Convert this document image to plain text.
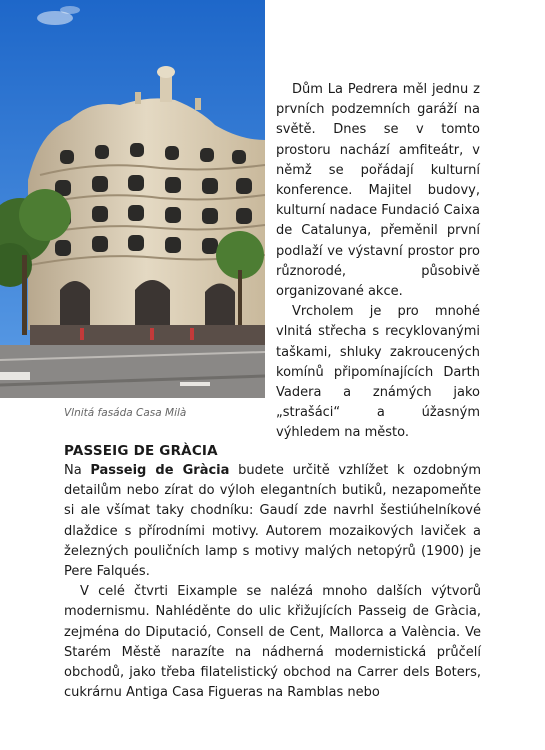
Vlnitá fasáda Casa Milà

Dům La Pedrera měl jednu z prvních podzemních garáží na světě. Dnes se v tomto prostoru nachází amfiteátr, v němž se pořádají kulturní konference. Majitel budovy, kulturní nadace Fundació Caixa de Catalunya, přeměnil první podlaží ve výstavní prostor pro různorodé, působivě organizované akce.

Vrcholem je pro mnohé vlnitá střecha s recyklovanými taškami, shluky zakroucených komínů připomínajících Darth Vadera a známých jako „strašáci“ a úžasným výhledem na město.

PASSEIG DE GRÀCIA

Na Passeig de Gràcia budete určitě vzhlížet k ozdobným detailům nebo zírat do výloh elegantních butiků, nezapomeňte si ale všímat taky chodníku: Gaudí zde navrhl šestiúhelníkové dlaždice s přírodními motivy. Autorem mozaikových laviček a železných pouličních lamp s motivy malých netopýrů (1900) je Pere Falqués.

V celé čtvrti Eixample se nalézá mnoho dalších výtvorů modernismu. Nahléděnte do ulic křižujících Passeig de Gràcia, zejména do Diputació, Consell de Cent, Mallorca a València. Ve Starém Městě narazíte na nádherná modernistická průčelí obchodů, jako třeba filatelistický obchod na Carrer dels Boters, cukrárnu Antiga Casa Figueras na Ramblas nebo
